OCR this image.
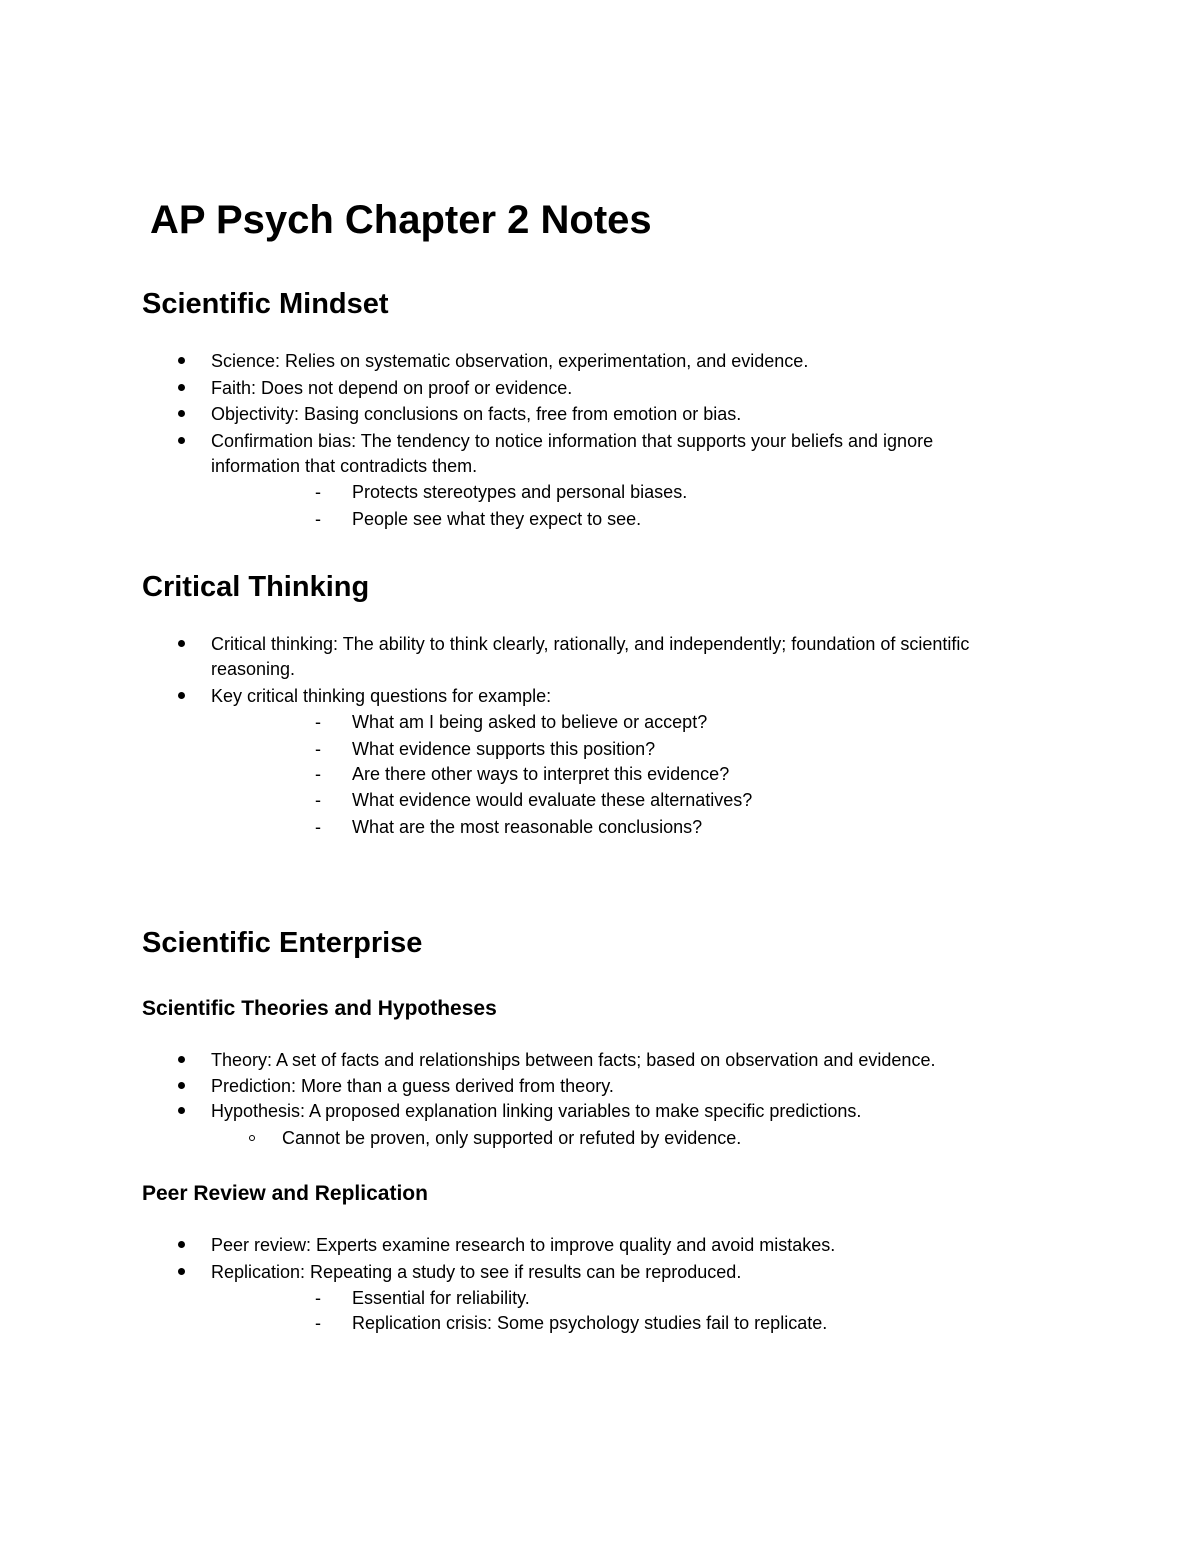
AP Psych Chapter 2 Notes
Scientific Mindset
Science: Relies on systematic observation, experimentation, and evidence.
Faith: Does not depend on proof or evidence.
Objectivity: Basing conclusions on facts, free from emotion or bias.
Confirmation bias: The tendency to notice information that supports your beliefs and ignore
information that contradicts them.
- Protects stereotypes and personal biases.
- People see what they expect to see.
Critical Thinking
Critical thinking: The ability to think clearly, rationally, and independently; foundation of scientific
reasoning.
Key critical thinking questions for example:
- What am I being asked to believe or accept?
- What evidence supports this position?
- Are there other ways to interpret this evidence?
- What evidence would evaluate these alternatives?
- What are the most reasonable conclusions?
Scientific Enterprise
Scientific Theories and Hypotheses
Theory: A set of facts and relationships between facts; based on observation and evidence.
Prediction: More than a guess derived from theory.
Hypothesis: A proposed explanation linking variables to make specific predictions.
Cannot be proven, only supported or refuted by evidence.
Peer Review and Replication
Peer review: Experts examine research to improve quality and avoid mistakes.
Replication: Repeating a study to see if results can be reproduced.
- Essential for reliability.
- Replication crisis: Some psychology studies fail to replicate.
